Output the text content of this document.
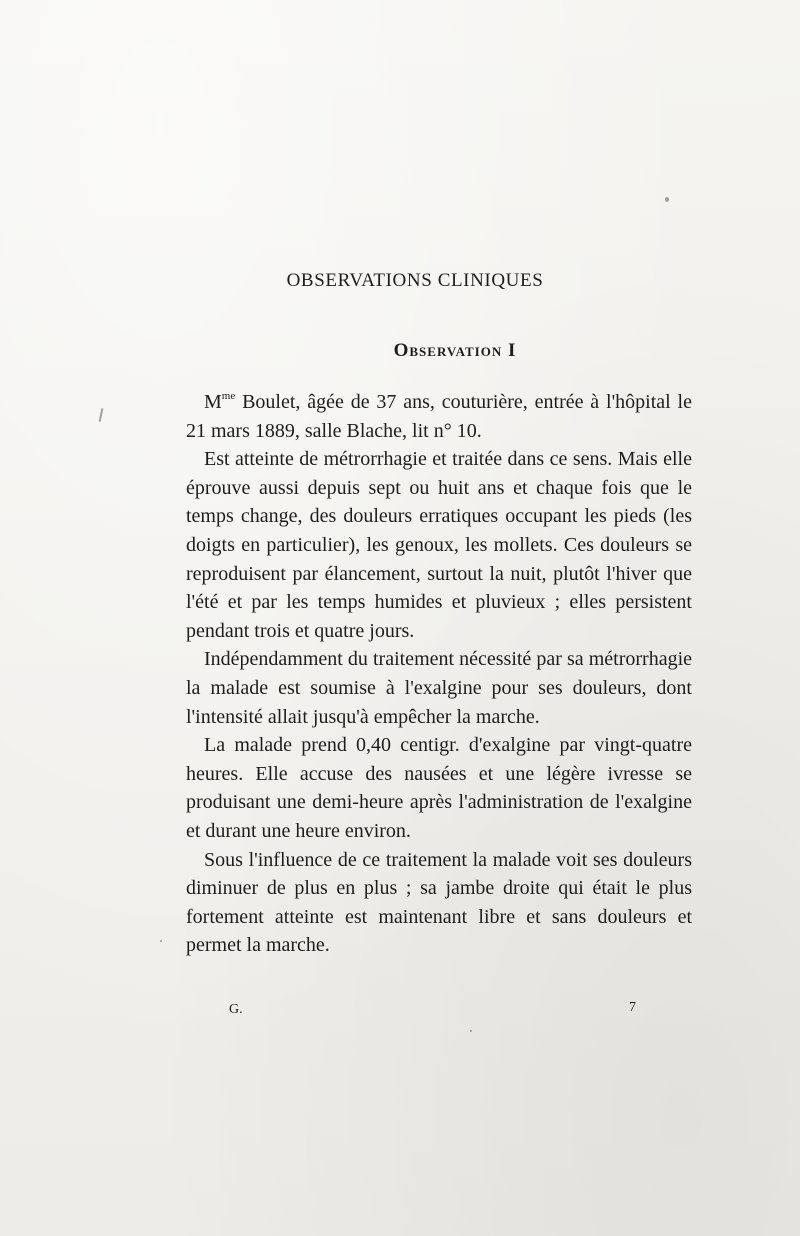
OBSERVATIONS CLINIQUES
Observation I

$M^{me}$ Boulet, âgée de 37 ans, couturière, entrée à l'hôpital le 21 mars 1889, salle Blache, lit n° 10.

Est atteinte de métrorrhagie et traitée dans ce sens. Mais elle éprouve aussi depuis sept ou huit ans et chaque fois que le temps change, des douleurs erratiques occupant les pieds (les doigts en particulier), les genoux, les mollets. Ces douleurs se reproduisent par élancement, surtout la nuit, plutôt l'hiver que l'été et par les temps humides et pluvieux ; elles persistent pendant trois et quatre jours.

Indépendamment du traitement nécessité par sa métrorrhagie la malade est soumise à l'exalgine pour ses douleurs, dont l'intensité allait jusqu'à empêcher la marche.

La malade prend 0,40 centigr. d'exalgine par vingt-quatre heures. Elle accuse des nausées et une légère ivresse se produisant une demi-heure après l'administration de l'exalgine et durant une heure environ.

Sous l'influence de ce traitement la malade voit ses douleurs diminuer de plus en plus ; sa jambe droite qui était le plus fortement atteinte est maintenant libre et sans douleurs et permet la marche.

G.	7
